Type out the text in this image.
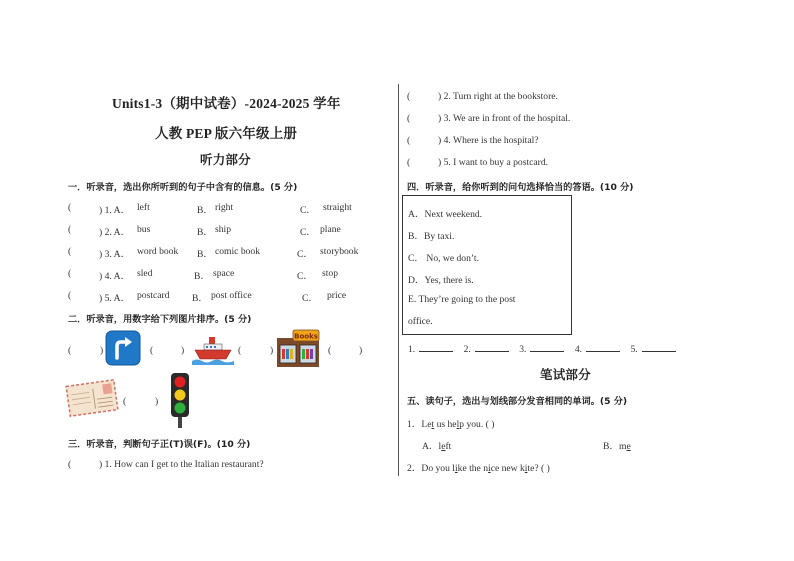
Units1-3（期中试卷）-2024-2025 学年
人教 PEP 版六年级上册
听力部分
一．听录音，选出你所听到的句子中含有的信息。(5 分)
(	) 1. A． left	B． right	C． straight
(	) 2. A． bus	B． ship	C． plane
(	) 3. A． word book B． comic book	C． storybook
(	) 4. A． sled	B． space	C． stop
(	) 5. A． postcard B． post office	C． price
二．听录音，用数字给下列图片排序。(5 分)
(	)	(	)	(	)
Books
(	)
(	)
三．听录音，判断句子正(T)误(F)。(10 分)
(	) 1. How can I get to the Italian restaurant?
(	) 2. Turn right at the bookstore.
(	) 3. We are in front of the hospital.
(	) 4. Where is the hospital?
(	) 5. I want to buy a postcard.
四．听录音，给你听到的问句选择恰当的答语。(10 分)
A．Next weekend.
B．By taxi.
C． No, we don’t.
D．Yes, there is.
E. They’re going to the post
office.
1.	2.	3.	4.	5.
笔试部分
五、读句子，选出与划线部分发音相同的单词。(5 分)
1．Let us help you. ( )
A．left	B．me
2．Do you like the nice new kite? ( )
